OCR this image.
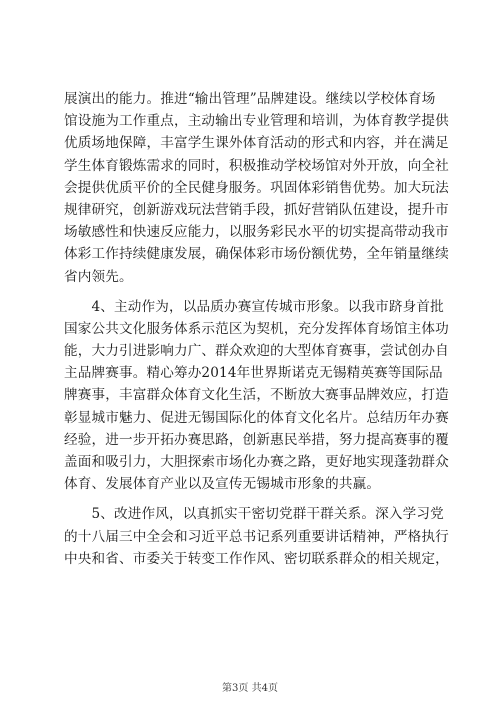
展演出的能力。推进“输出管理”品牌建设。继续以学校体育场
馆设施为工作重点，主动输出专业管理和培训，为体育教学提供
优质场地保障，丰富学生课外体育活动的形式和内容，并在满足
学生体育锻炼需求的同时，积极推动学校场馆对外开放，向全社
会提供优质平价的全民健身服务。巩固体彩销售优势。加大玩法
规律研究，创新游戏玩法营销手段，抓好营销队伍建设，提升市
场敏感性和快速反应能力，以服务彩民水平的切实提高带动我市
体彩工作持续健康发展，确保体彩市场份额优势，全年销量继续
省内领先。
　　4、主动作为，以品质办赛宣传城市形象。以我市跻身首批
国家公共文化服务体系示范区为契机，充分发挥体育场馆主体功
能，大力引进影响力广、群众欢迎的大型体育赛事，尝试创办自
主品牌赛事。精心筹办2014年世界斯诺克无锡精英赛等国际品
牌赛事，丰富群众体育文化生活，不断放大赛事品牌效应，打造
彰显城市魅力、促进无锡国际化的体育文化名片。总结历年办赛
经验，进一步开拓办赛思路，创新惠民举措，努力提高赛事的覆
盖面和吸引力，大胆探索市场化办赛之路，更好地实现蓬勃群众
体育、发展体育产业以及宣传无锡城市形象的共赢。
　　5、改进作风，以真抓实干密切党群干群关系。深入学习党
的十八届三中全会和习近平总书记系列重要讲话精神，严格执行
中央和省、市委关于转变工作作风、密切联系群众的相关规定，
第3页 共4页
